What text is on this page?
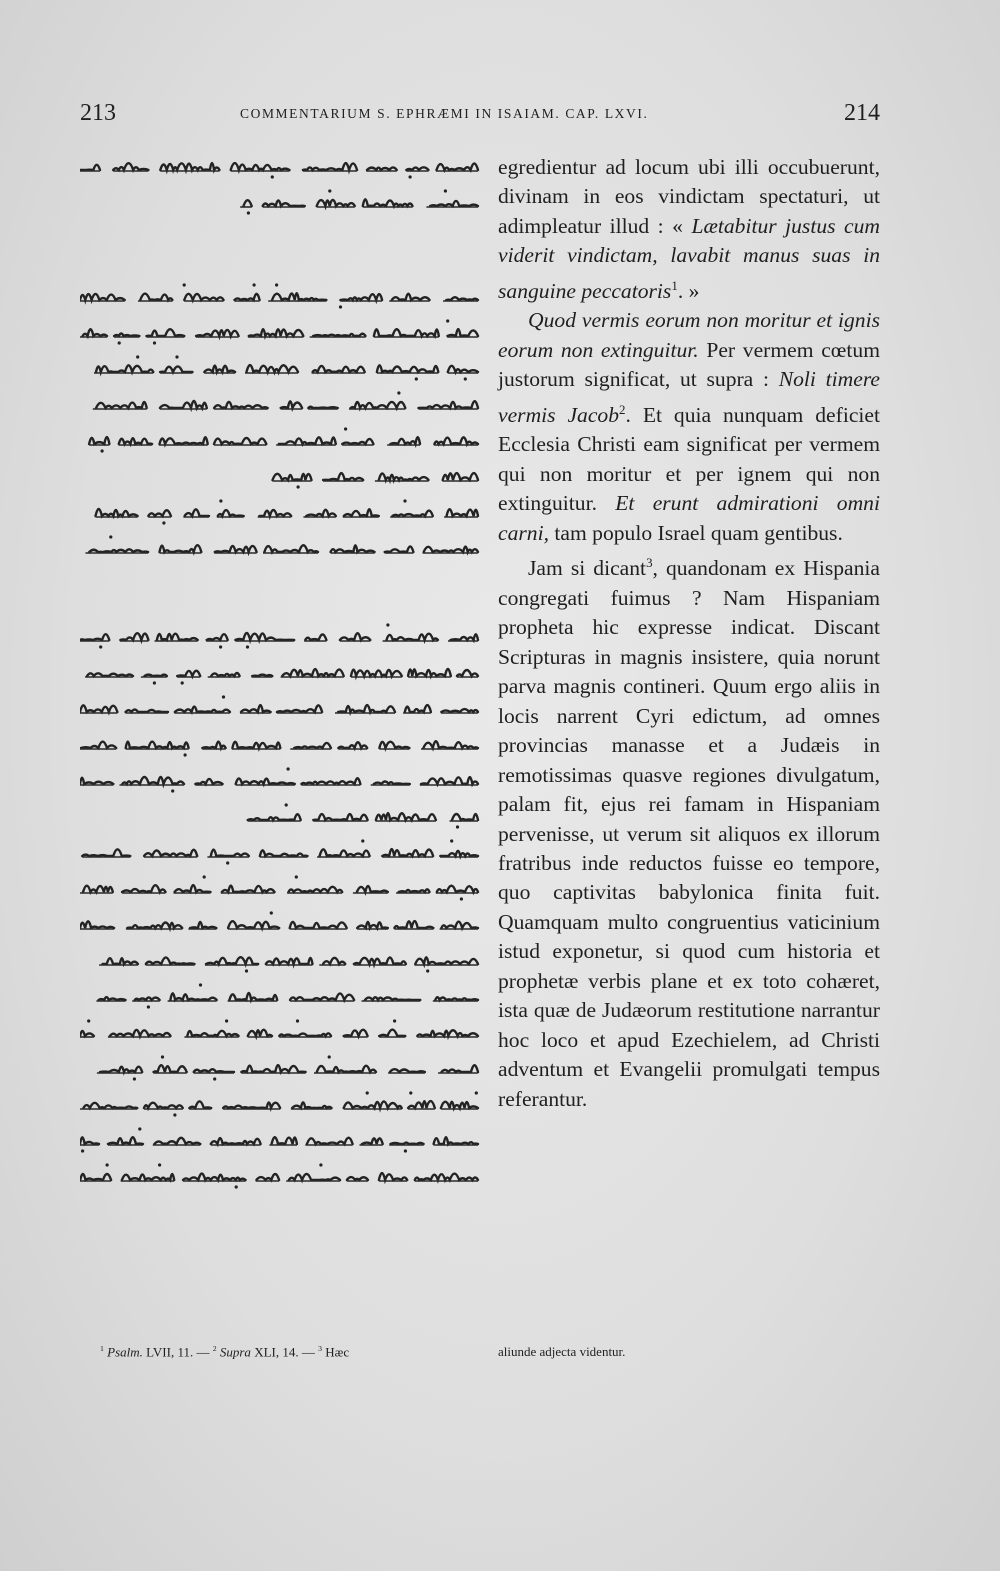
213	COMMENTARIUM S. EPHRÆMI IN ISAIAM. CAP. LXVI.	214

egredientur ad locum ubi illi occubuerunt, divinam in eos vindictam spectaturi, ut adimpleatur illud : « Lætabitur justus cum viderit vindictam, lavabit manus suas in sanguine peccatoris$^1$. »

Quod vermis eorum non moritur et ignis eorum non extinguitur. Per vermem cœtum justorum significat, ut supra : Noli timere vermis Jacob$^2$. Et quia nunquam deficiet Ecclesia Christi eam significat per vermem qui non moritur et per ignem qui non extinguitur. Et erunt admirationi omni carni, tam populo Israel quam gentibus.

Jam si dicant$^3$, quandonam ex Hispania congregati fuimus ? Nam Hispaniam propheta hic expresse indicat. Discant Scripturas in magnis insistere, quia norunt parva magnis contineri. Quum ergo aliis in locis narrent Cyri edictum, ad omnes provincias manasse et a Judæis in remotissimas quasve regiones divulgatum, palam fit, ejus rei famam in Hispaniam pervenisse, ut verum sit aliquos ex illorum fratribus inde reductos fuisse eo tempore, quo captivitas babylonica finita fuit. Quamquam multo congruentius vaticinium istud exponetur, si quod cum historia et prophetæ verbis plane et ex toto cohæret, ista quæ de Judæorum restitutione narrantur hoc loco et apud Ezechielem, ad Christi adventum et Evangelii promulgati tempus referantur.

$^1$ Psalm. LVII, 11. — $^2$ Supra XLI, 14. — $^3$ Hæc	aliunde adjecta videntur.
